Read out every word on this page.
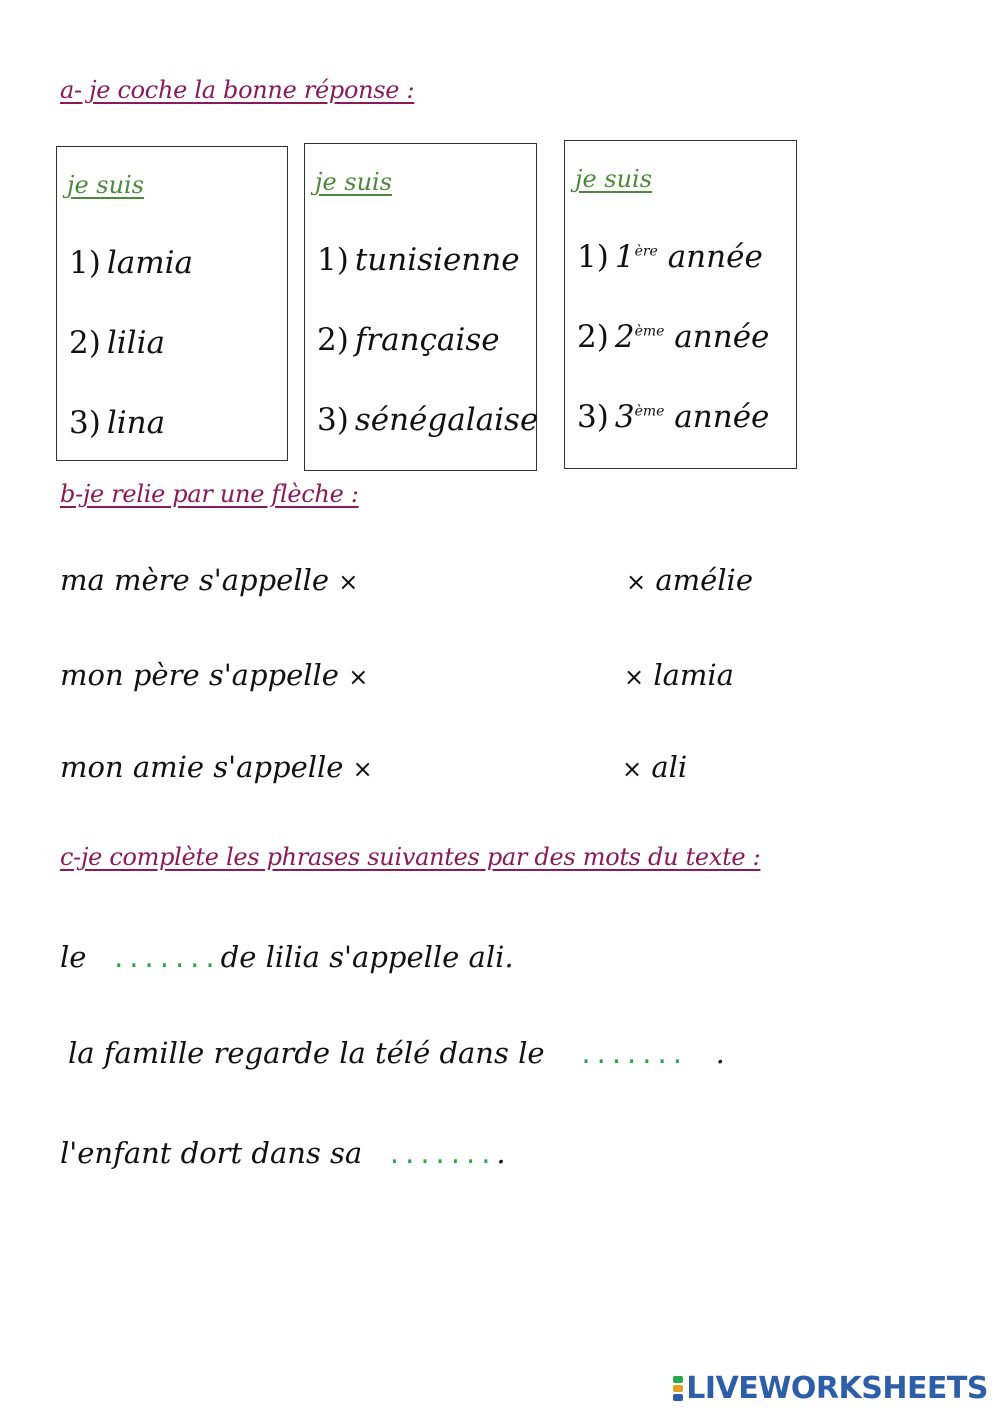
a- je coche la bonne réponse :
je suis
1) lamia
2) lilia
3) lina
je suis
1) tunisienne
2) française
3) sénégalaise
je suis
1) 1ère année
2) 2ème année
3) 3ème année
b-je relie par une flèche :
ma mère s'appelle ×
mon père s'appelle ×
mon amie s'appelle ×
× amélie
× lamia
× ali
c-je complète les phrases suivantes par des mots du texte :
le .......de lilia s'appelle ali.
la famille regarde la télé dans le ....... .
l'enfant dort dans sa ........
LIVEWORKSHEETS
